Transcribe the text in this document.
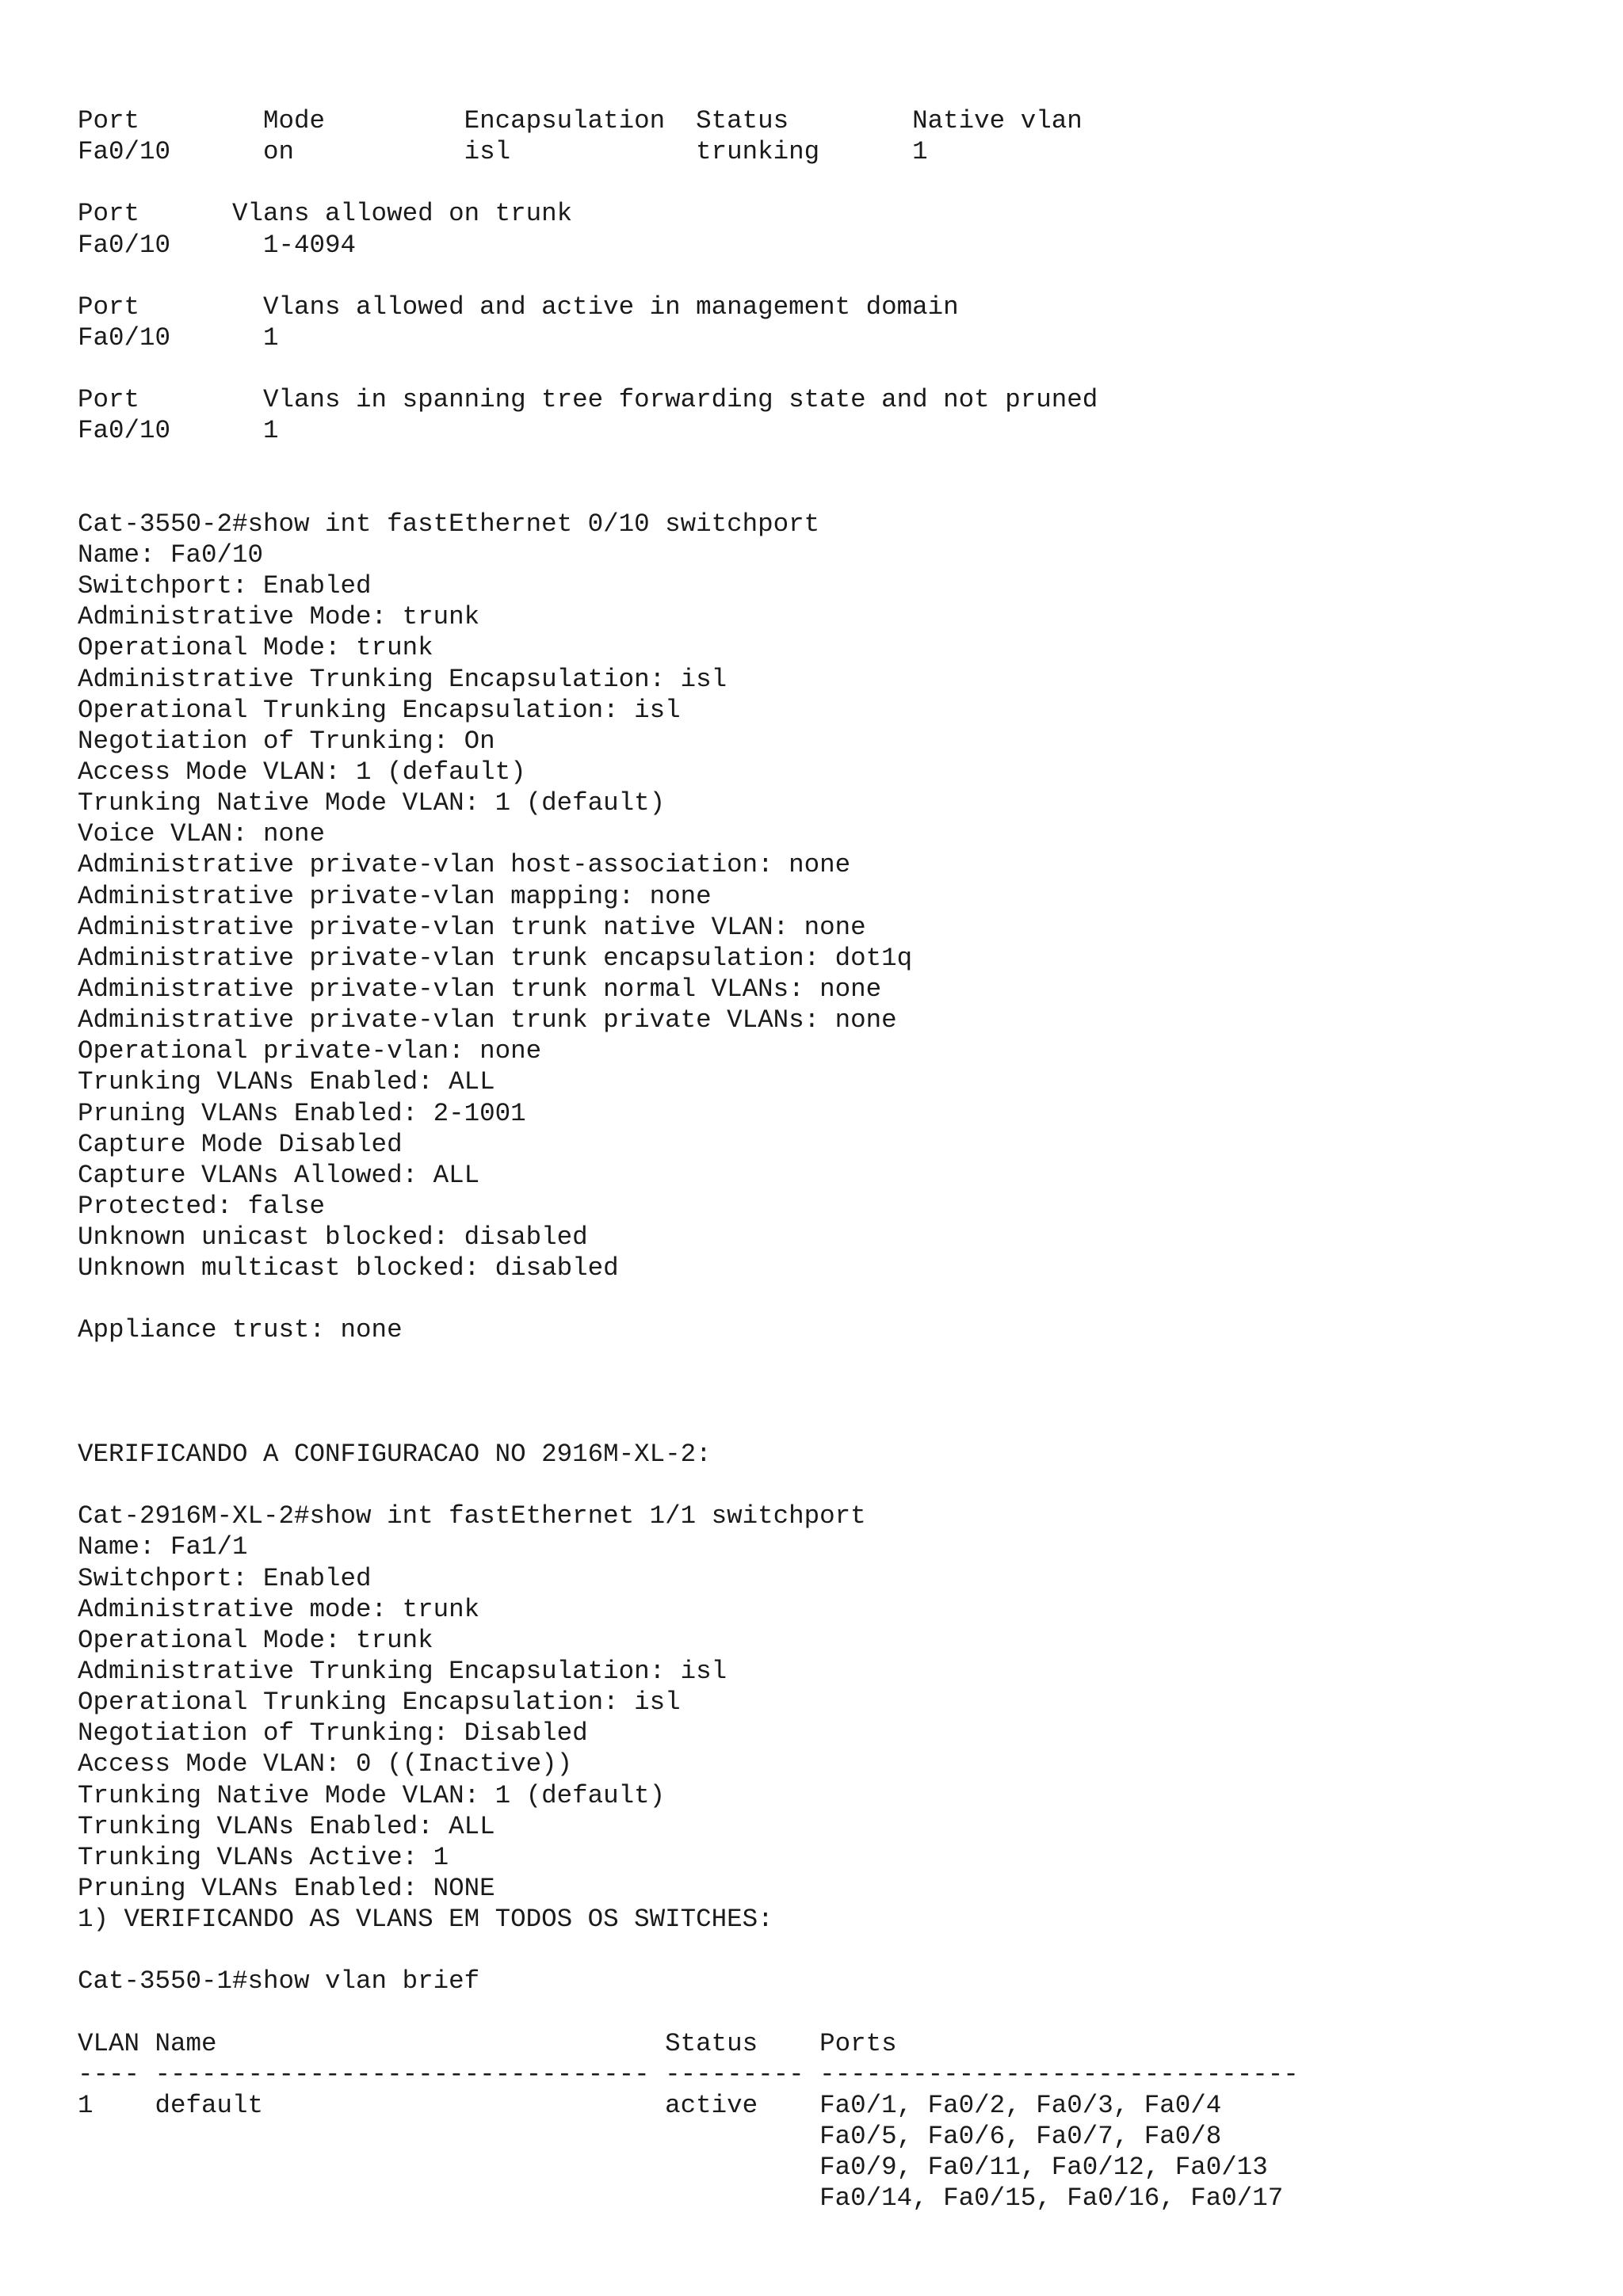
Port        Mode         Encapsulation  Status        Native vlan
Fa0/10      on           isl            trunking      1
Port      Vlans allowed on trunk
Fa0/10      1-4094
Port        Vlans allowed and active in management domain
Fa0/10      1
Port        Vlans in spanning tree forwarding state and not pruned
Fa0/10      1
Cat-3550-2#show int fastEthernet 0/10 switchport
Name: Fa0/10
Switchport: Enabled
Administrative Mode: trunk
Operational Mode: trunk
Administrative Trunking Encapsulation: isl
Operational Trunking Encapsulation: isl
Negotiation of Trunking: On
Access Mode VLAN: 1 (default)
Trunking Native Mode VLAN: 1 (default)
Voice VLAN: none
Administrative private-vlan host-association: none
Administrative private-vlan mapping: none
Administrative private-vlan trunk native VLAN: none
Administrative private-vlan trunk encapsulation: dot1q
Administrative private-vlan trunk normal VLANs: none
Administrative private-vlan trunk private VLANs: none
Operational private-vlan: none
Trunking VLANs Enabled: ALL
Pruning VLANs Enabled: 2-1001
Capture Mode Disabled
Capture VLANs Allowed: ALL
Protected: false
Unknown unicast blocked: disabled
Unknown multicast blocked: disabled
Appliance trust: none
VERIFICANDO A CONFIGURACAO NO 2916M-XL-2:
Cat-2916M-XL-2#show int fastEthernet 1/1 switchport
Name: Fa1/1
Switchport: Enabled
Administrative mode: trunk
Operational Mode: trunk
Administrative Trunking Encapsulation: isl
Operational Trunking Encapsulation: isl
Negotiation of Trunking: Disabled
Access Mode VLAN: 0 ((Inactive))
Trunking Native Mode VLAN: 1 (default)
Trunking VLANs Enabled: ALL
Trunking VLANs Active: 1
Pruning VLANs Enabled: NONE
1) VERIFICANDO AS VLANS EM TODOS OS SWITCHES:
Cat-3550-1#show vlan brief
VLAN Name                             Status    Ports
---- -------------------------------- --------- -------------------------------
1    default                          active    Fa0/1, Fa0/2, Fa0/3, Fa0/4
Fa0/5, Fa0/6, Fa0/7, Fa0/8
Fa0/9, Fa0/11, Fa0/12, Fa0/13
Fa0/14, Fa0/15, Fa0/16, Fa0/17
